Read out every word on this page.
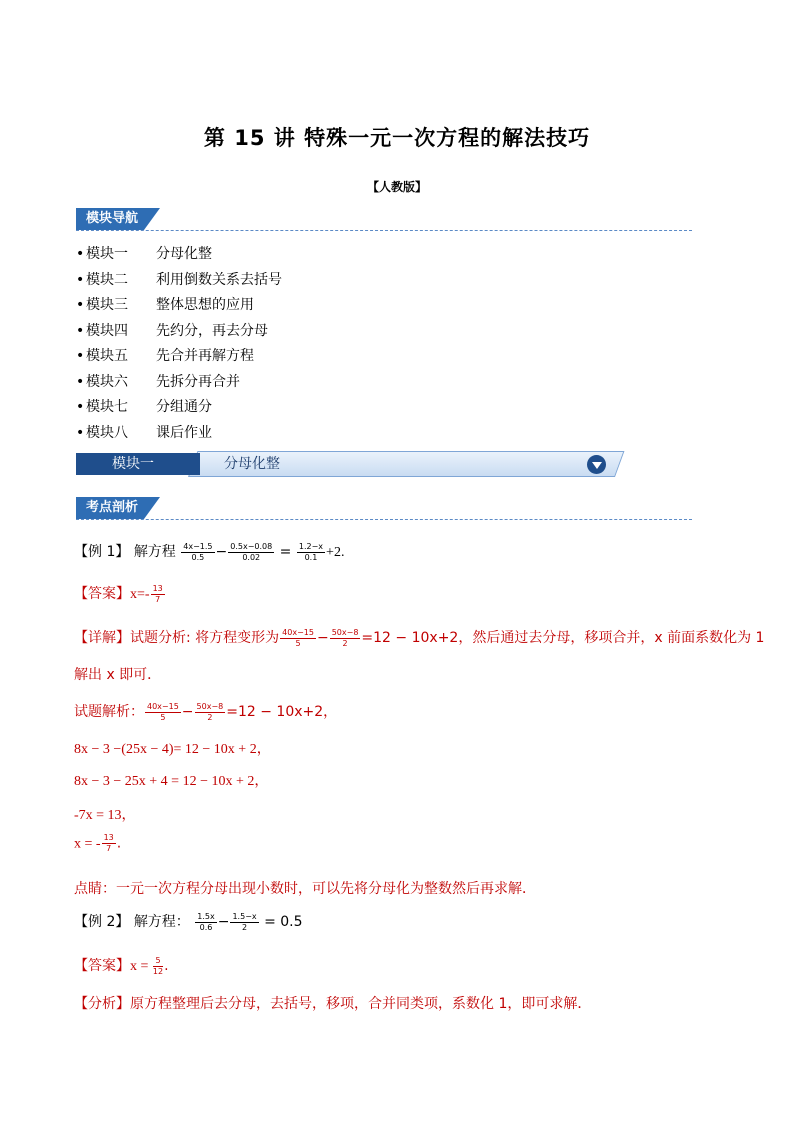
第 15 讲 特殊一元一次方程的解法技巧
【人教版】
模块导航
• 模块一	分母化整
• 模块二	利用倒数关系去括号
• 模块三	整体思想的应用
• 模块四	先约分，再去分母
• 模块五	先合并再解方程
• 模块六	先拆分再合并
• 模块七	分组通分
• 模块八	课后作业
模块一	分母化整
考点剖析
【例 1】 解方程 $\frac{4x-1.5}{0.5} - \frac{0.5x-0.08}{0.02} = \frac{1.2-x}{0.1} +2$.
【答案】$x=- \frac{13}{7}$
【详解】试题分析: 将方程变形为 $\frac{40x-15}{5} - \frac{50x-8}{2} =12 - 10x+2$，然后通过去分母，移项合并，x 前面系数化为 1
解出 x 即可．
试题解析： $\frac{40x-15}{5} - \frac{50x-8}{2} =12 - 10x+2$，
8x − 3 −(25x − 4)= 12 − 10x + 2，
8x − 3 − 25x + 4 = 12 − 10x + 2，
-7x = 13，
x = - $\frac{13}{7}$ .
点睛：一元一次方程分母出现小数时，可以先将分母化为整数然后再求解．
【例 2】 解方程： $\frac{1.5x}{0.6} - \frac{1.5-x}{2} = 0.5$
【答案】$x = \frac{5}{12}$ .
【分析】原方程整理后去分母，去括号，移项，合并同类项，系数化 1，即可求解．
